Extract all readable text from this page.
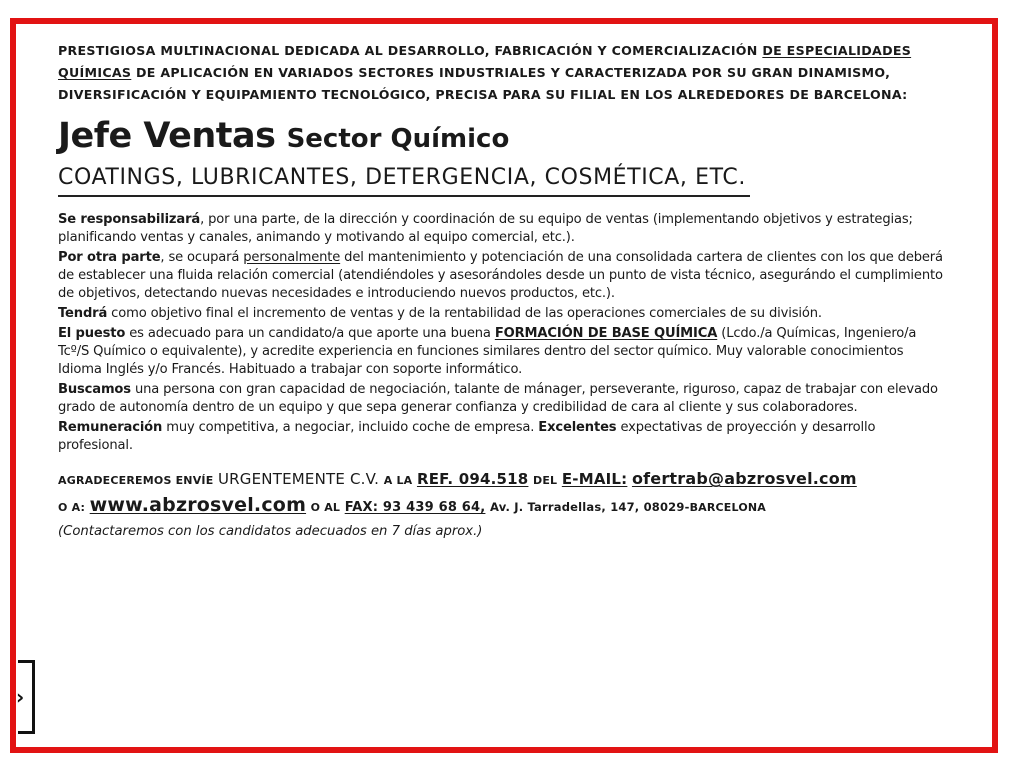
›

PRESTIGIOSA MULTINACIONAL DEDICADA AL DESARROLLO, FABRICACIÓN Y COMERCIALIZACIÓN DE ESPECIALIDADES QUÍMICAS DE APLICACIÓN EN VARIADOS SECTORES INDUSTRIALES Y CARACTERIZADA POR SU GRAN DINAMISMO, DIVERSIFICACIÓN Y EQUIPAMIENTO TECNOLÓGICO, PRECISA PARA SU FILIAL EN LOS ALREDEDORES DE BARCELONA:

Jefe Ventas Sector Químico
COATINGS, LUBRICANTES, DETERGENCIA, COSMÉTICA, ETC.

Se responsabilizará, por una parte, de la dirección y coordinación de su equipo de ventas (implementando objetivos y estrategias; planificando ventas y canales, animando y motivando al equipo comercial, etc.).

Por otra parte, se ocupará personalmente del mantenimiento y potenciación de una consolidada cartera de clientes con los que deberá de establecer una fluida relación comercial (atendiéndoles y asesorándoles desde un punto de vista técnico, asegurándo el cumplimiento de objetivos, detectando nuevas necesidades e introduciendo nuevos productos, etc.).

Tendrá como objetivo final el incremento de ventas y de la rentabilidad de las operaciones comerciales de su división.

El puesto es adecuado para un candidato/a que aporte una buena FORMACIÓN DE BASE QUÍMICA (Lcdo./a Químicas, Ingeniero/a Tcº/S Químico o equivalente), y acredite experiencia en funciones similares dentro del sector químico. Muy valorable conocimientos Idioma Inglés y/o Francés. Habituado a trabajar con soporte informático.

Buscamos una persona con gran capacidad de negociación, talante de mánager, perseverante, riguroso, capaz de trabajar con elevado grado de autonomía dentro de un equipo y que sepa generar confianza y credibilidad de cara al cliente y sus colaboradores.

Remuneración muy competitiva, a negociar, incluido coche de empresa. Excelentes expectativas de proyección y desarrollo profesional.

AGRADECEREMOS ENVÍE URGENTEMENTE C.V. A LA REF. 094.518 DEL E-MAIL: ofertrab@abzrosvel.com
O A: www.abzrosvel.com O AL FAX: 93 439 68 64, Av. J. Tarradellas, 147, 08029-BARCELONA
(Contactaremos con los candidatos adecuados en 7 días aprox.)
